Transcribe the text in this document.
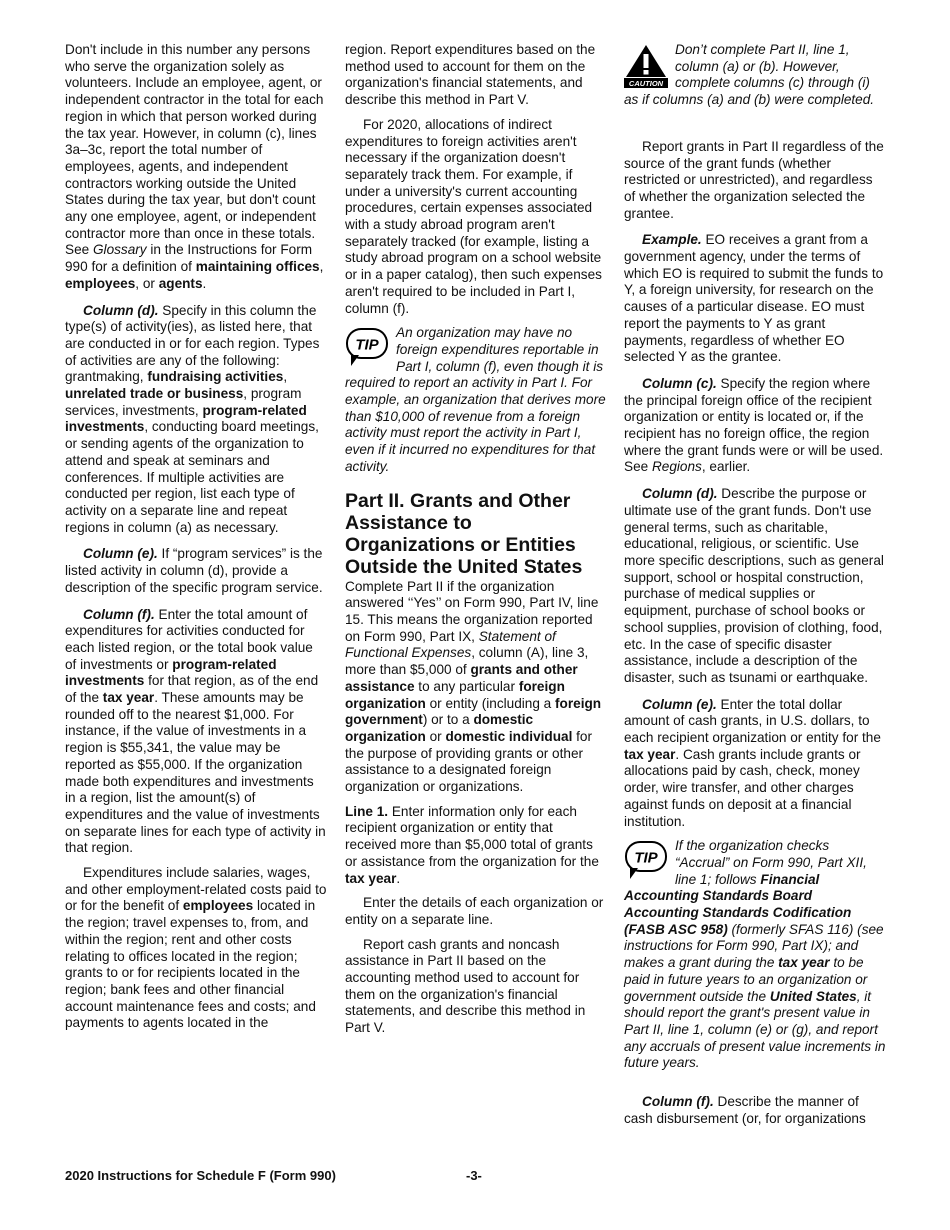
Don't include in this number any persons who serve the organization solely as volunteers. Include an employee, agent, or independent contractor in the total for each region in which that person worked during the tax year. However, in column (c), lines 3a–3c, report the total number of employees, agents, and independent contractors working outside the United States during the tax year, but don't count any one employee, agent, or independent contractor more than once in these totals. See Glossary in the Instructions for Form 990 for a definition of maintaining offices, employees, or agents.

Column (d). Specify in this column the type(s) of activity(ies), as listed here, that are conducted in or for each region. Types of activities are any of the following: grantmaking, fundraising activities, unrelated trade or business, program services, investments, program-related investments, conducting board meetings, or sending agents of the organization to attend and speak at seminars and conferences. If multiple activities are conducted per region, list each type of activity on a separate line and repeat regions in column (a) as necessary.

Column (e). If “program services” is the listed activity in column (d), provide a description of the specific program service.

Column (f). Enter the total amount of expenditures for activities conducted for each listed region, or the total book value of investments or program-related investments for that region, as of the end of the tax year. These amounts may be rounded off to the nearest $1,000. For instance, if the value of investments in a region is $55,341, the value may be reported as $55,000. If the organization made both expenditures and investments in a region, list the amount(s) of expenditures and the value of investments on separate lines for each type of activity in that region.

Expenditures include salaries, wages, and other employment-related costs paid to or for the benefit of employees located in the region; travel expenses to, from, and within the region; rent and other costs relating to offices located in the region; grants to or for recipients located in the region; bank fees and other financial account maintenance fees and costs; and payments to agents located in the

region. Report expenditures based on the method used to account for them on the organization's financial statements, and describe this method in Part V.

For 2020, allocations of indirect expenditures to foreign activities aren't necessary if the organization doesn't separately track them. For example, if under a university's current accounting procedures, certain expenses associated with a study abroad program aren't separately tracked (for example, listing a study abroad program on a school website or in a paper catalog), then such expenses aren't required to be included in Part I, column (f).

TIP
An organization may have no foreign expenditures reportable in Part I, column (f), even though it is required to report an activity in Part I. For example, an organization that derives more than $10,000 of revenue from a foreign activity must report the activity in Part I, even if it incurred no expenditures for that activity.
Part II. Grants and Other Assistance to Organizations or Entities Outside the United States

Complete Part II if the organization answered ‘‘Yes’’ on Form 990, Part IV, line 15. This means the organization reported on Form 990, Part IX, Statement of Functional Expenses, column (A), line 3, more than $5,000 of grants and other assistance to any particular foreign organization or entity (including a foreign government) or to a domestic organization or domestic individual for the purpose of providing grants or other assistance to a designated foreign organization or organizations.

Line 1. Enter information only for each recipient organization or entity that received more than $5,000 total of grants or assistance from the organization for the tax year.

Enter the details of each organization or entity on a separate line.

Report cash grants and noncash assistance in Part II based on the accounting method used to account for them on the organization's financial statements, and describe this method in Part V.

CAUTION
Don’t complete Part II, line 1, column (a) or (b). However, complete columns (c) through (i) as if columns (a) and (b) were completed.

Report grants in Part II regardless of the source of the grant funds (whether restricted or unrestricted), and regardless of whether the organization selected the grantee.

Example. EO receives a grant from a government agency, under the terms of which EO is required to submit the funds to Y, a foreign university, for research on the causes of a particular disease. EO must report the payments to Y as grant payments, regardless of whether EO selected Y as the grantee.

Column (c). Specify the region where the principal foreign office of the recipient organization or entity is located or, if the recipient has no foreign office, the region where the grant funds were or will be used. See Regions, earlier.

Column (d). Describe the purpose or ultimate use of the grant funds. Don't use general terms, such as charitable, educational, religious, or scientific. Use more specific descriptions, such as general support, school or hospital construction, purchase of medical supplies or equipment, purchase of school books or school supplies, provision of clothing, food, etc. In the case of specific disaster assistance, include a description of the disaster, such as tsunami or earthquake.

Column (e). Enter the total dollar amount of cash grants, in U.S. dollars, to each recipient organization or entity for the tax year. Cash grants include grants or allocations paid by cash, check, money order, wire transfer, and other charges against funds on deposit at a financial institution.

TIP
If the organization checks “Accrual” on Form 990, Part XII, line 1; follows Financial Accounting Standards Board Accounting Standards Codification (FASB ASC 958) (formerly SFAS 116) (see instructions for Form 990, Part IX); and makes a grant during the tax year to be paid in future years to an organization or government outside the United States, it should report the grant's present value in Part II, line 1, column (e) or (g), and report any accruals of present value increments in future years.

Column (f). Describe the manner of cash disbursement (or, for organizations

2020 Instructions for Schedule F (Form 990)	-3-
